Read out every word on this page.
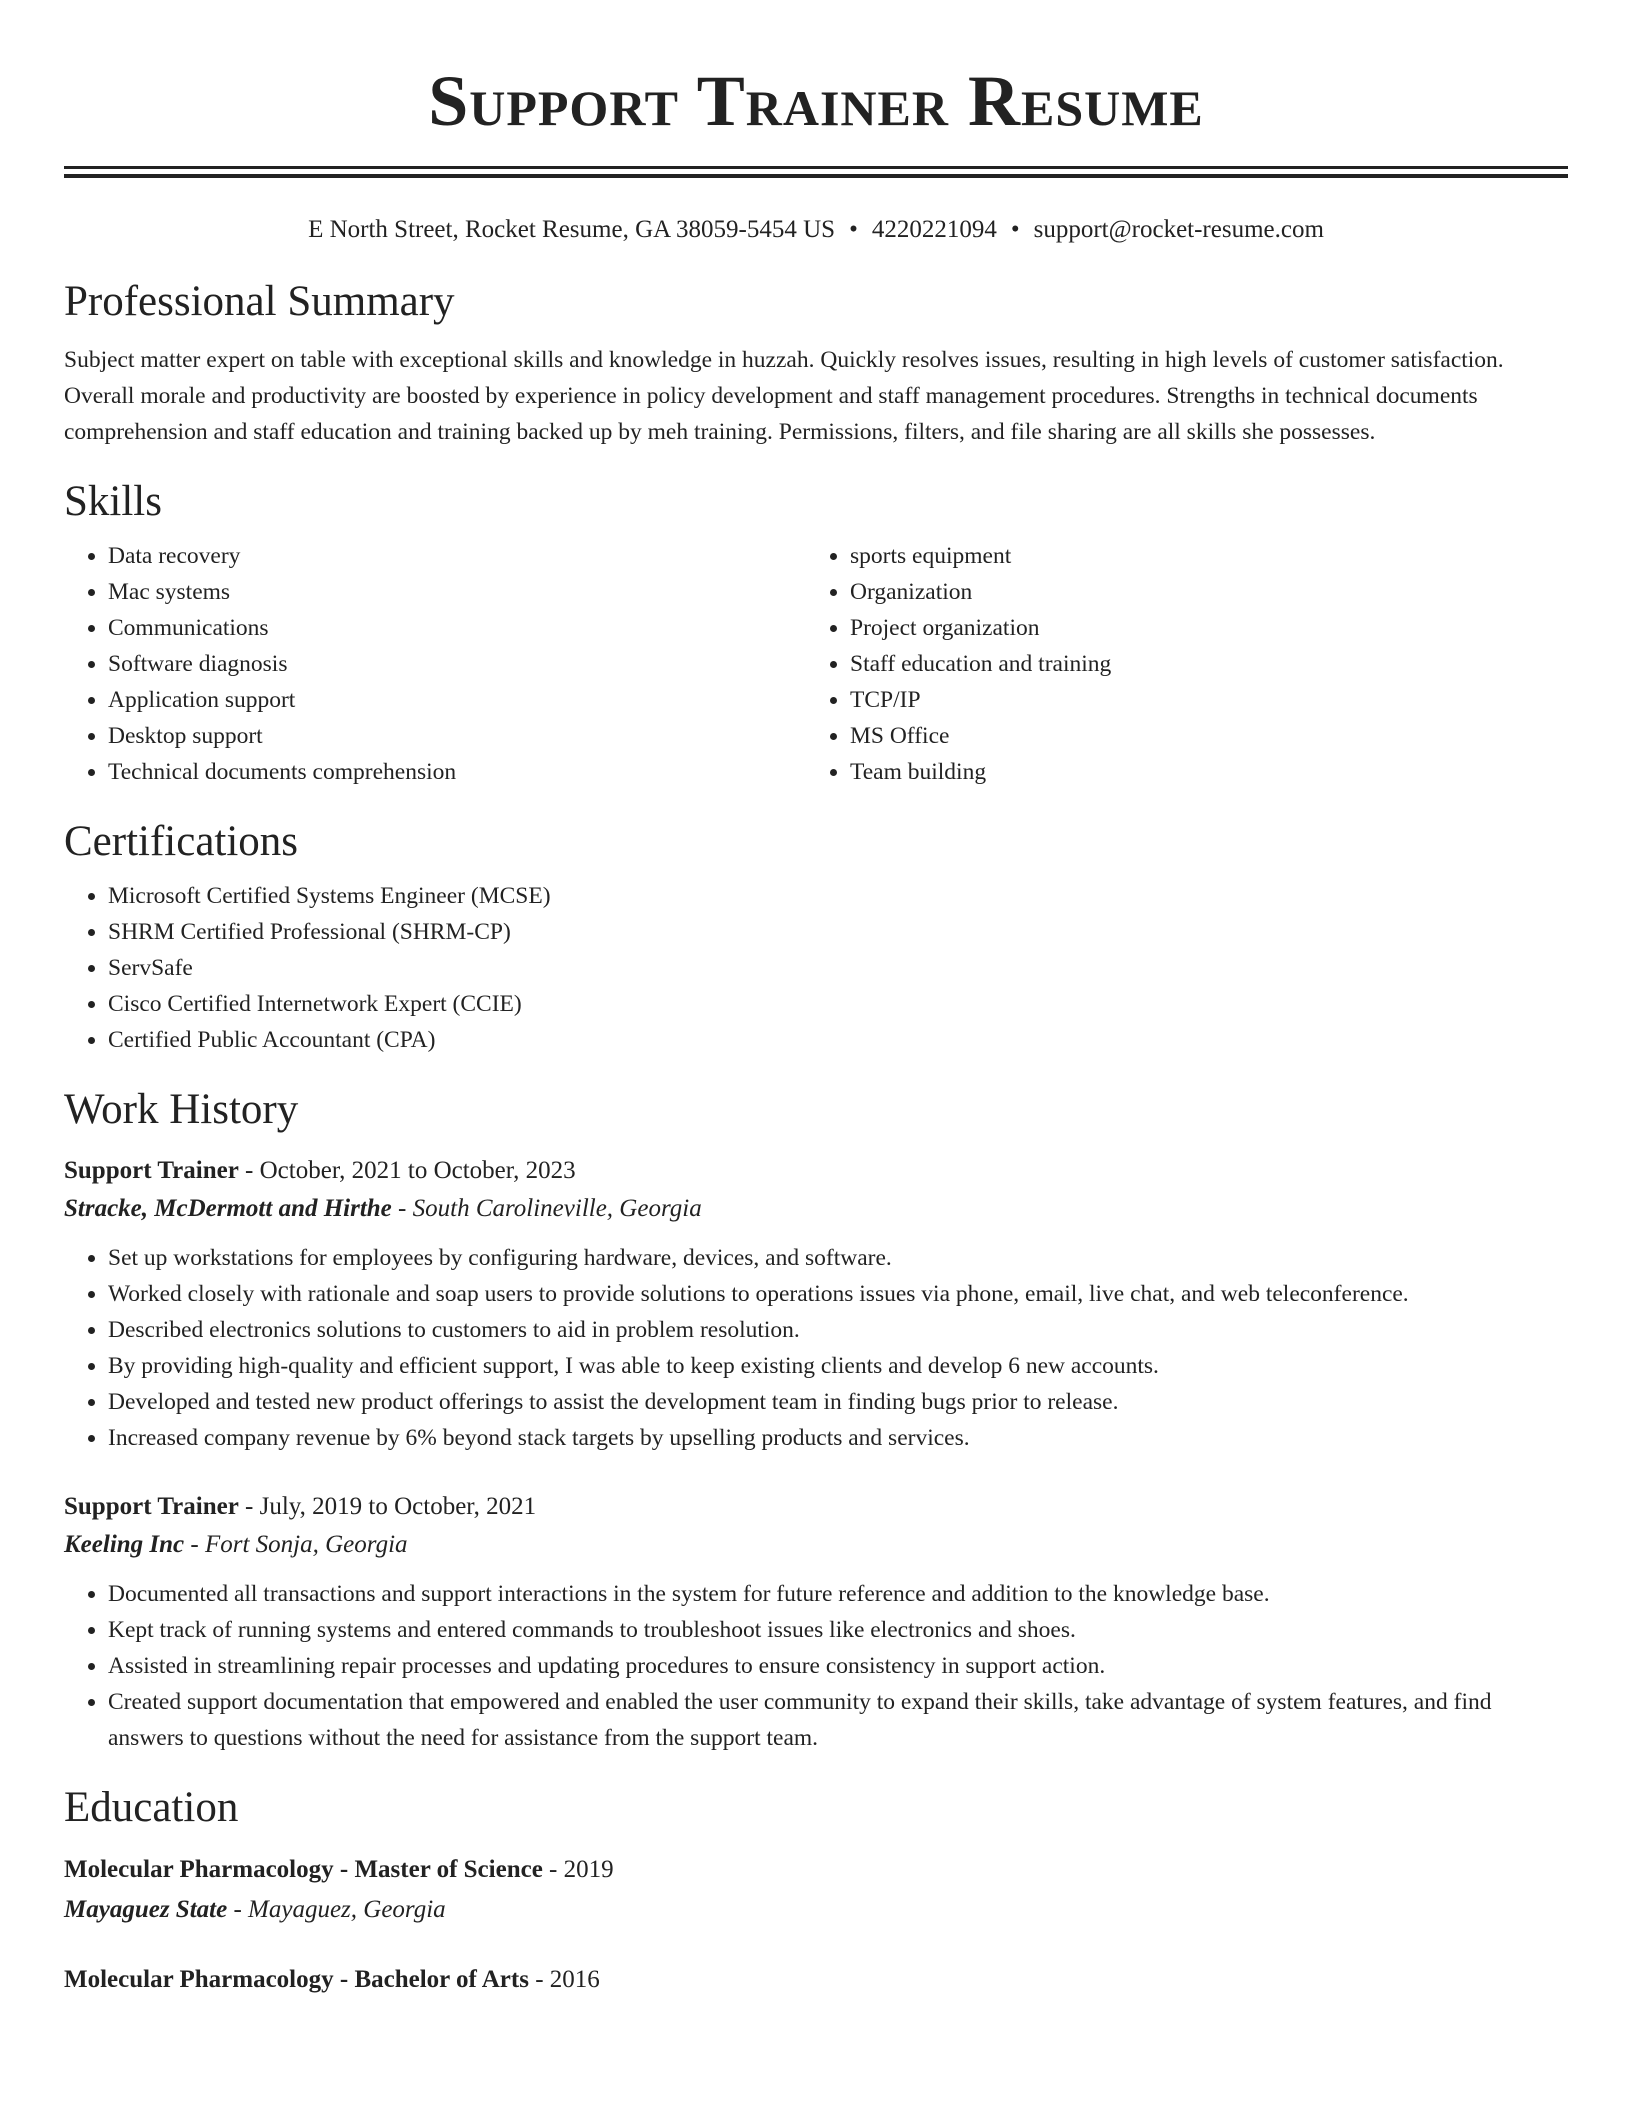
Support Trainer Resume
E North Street, Rocket Resume, GA 38059-5454 US • 4220221094 • support@rocket-resume.com
Professional Summary

Subject matter expert on table with exceptional skills and knowledge in huzzah. Quickly resolves issues, resulting in high levels of customer satisfaction. Overall morale and productivity are boosted by experience in policy development and staff management procedures. Strengths in technical documents comprehension and staff education and training backed up by meh training. Permissions, filters, and file sharing are all skills she possesses.

Skills
• Data recovery
• Mac systems
• Communications
• Software diagnosis
• Application support
• Desktop support
• Technical documents comprehension
• sports equipment
• Organization
• Project organization
• Staff education and training
• TCP/IP
• MS Office
• Team building
Certifications
• Microsoft Certified Systems Engineer (MCSE)
• SHRM Certified Professional (SHRM-CP)
• ServSafe
• Cisco Certified Internetwork Expert (CCIE)
• Certified Public Accountant (CPA)
Work History
Support Trainer - October, 2021 to October, 2023
Stracke, McDermott and Hirthe - South Carolineville, Georgia
• Set up workstations for employees by configuring hardware, devices, and software.
• Worked closely with rationale and soap users to provide solutions to operations issues via phone, email, live chat, and web teleconference.
• Described electronics solutions to customers to aid in problem resolution.
• By providing high-quality and efficient support, I was able to keep existing clients and develop 6 new accounts.
• Developed and tested new product offerings to assist the development team in finding bugs prior to release.
• Increased company revenue by 6% beyond stack targets by upselling products and services.
Support Trainer - July, 2019 to October, 2021
Keeling Inc - Fort Sonja, Georgia
• Documented all transactions and support interactions in the system for future reference and addition to the knowledge base.
• Kept track of running systems and entered commands to troubleshoot issues like electronics and shoes.
• Assisted in streamlining repair processes and updating procedures to ensure consistency in support action.
• Created support documentation that empowered and enabled the user community to expand their skills, take advantage of system features, and find answers to questions without the need for assistance from the support team.
Education
Molecular Pharmacology - Master of Science - 2019
Mayaguez State - Mayaguez, Georgia
Molecular Pharmacology - Bachelor of Arts - 2016
